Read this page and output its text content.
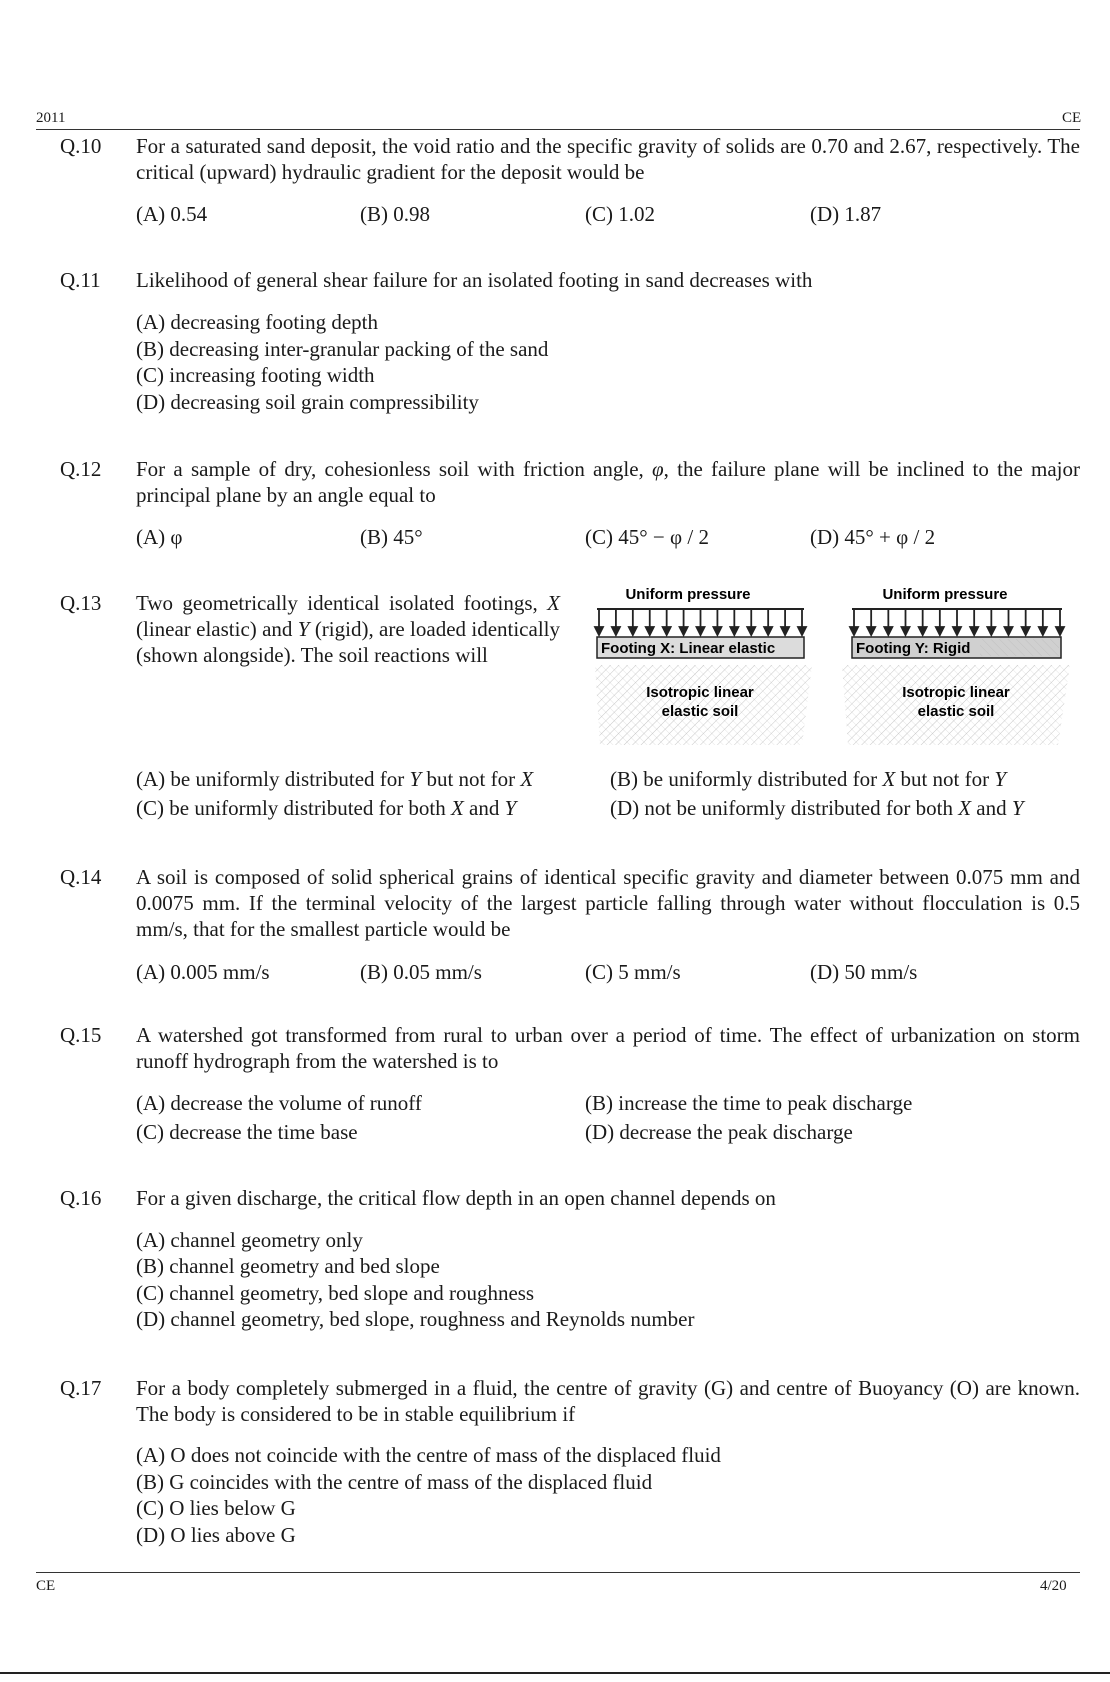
2011	CE
Q.10	For a saturated sand deposit, the void ratio and the specific gravity of solids are 0.70 and 2.67, respectively. The critical (upward) hydraulic gradient for the deposit would be
(A) 0.54	(B) 0.98	(C) 1.02	(D) 1.87
Q.11	Likelihood of general shear failure for an isolated footing in sand decreases with
(A) decreasing footing depth
(B) decreasing inter-granular packing of the sand
(C) increasing footing width
(D) decreasing soil grain compressibility
Q.12	For a sample of dry, cohesionless soil with friction angle, φ, the failure plane will be inclined to the major principal plane by an angle equal to
(A) φ	(B) 45°	(C) 45° − φ / 2	(D) 45° + φ / 2
Q.13	Two geometrically identical isolated footings, X (linear elastic) and Y (rigid), are loaded identically (shown alongside). The soil reactions will
Uniform pressure
Footing X: Linear elastic
Isotropic linear
elastic soil
Uniform pressure
Footing Y: Rigid
Isotropic linear
elastic soil
(A) be uniformly distributed for Y but not for X	(B) be uniformly distributed for X but not for Y
(C) be uniformly distributed for both X and Y	(D) not be uniformly distributed for both X and Y
Q.14	A soil is composed of solid spherical grains of identical specific gravity and diameter between 0.075 mm and 0.0075 mm. If the terminal velocity of the largest particle falling through water without flocculation is 0.5 mm/s, that for the smallest particle would be
(A) 0.005 mm/s	(B) 0.05 mm/s	(C) 5 mm/s	(D) 50 mm/s
Q.15	A watershed got transformed from rural to urban over a period of time. The effect of urbanization on storm runoff hydrograph from the watershed is to
(A) decrease the volume of runoff	(B) increase the time to peak discharge
(C) decrease the time base	(D) decrease the peak discharge
Q.16	For a given discharge, the critical flow depth in an open channel depends on
(A) channel geometry only
(B) channel geometry and bed slope
(C) channel geometry, bed slope and roughness
(D) channel geometry, bed slope, roughness and Reynolds number
Q.17	For a body completely submerged in a fluid, the centre of gravity (G) and centre of Buoyancy (O) are known. The body is considered to be in stable equilibrium if
(A) O does not coincide with the centre of mass of the displaced fluid
(B) G coincides with the centre of mass of the displaced fluid
(C) O lies below G
(D) O lies above G
CE	4/20
